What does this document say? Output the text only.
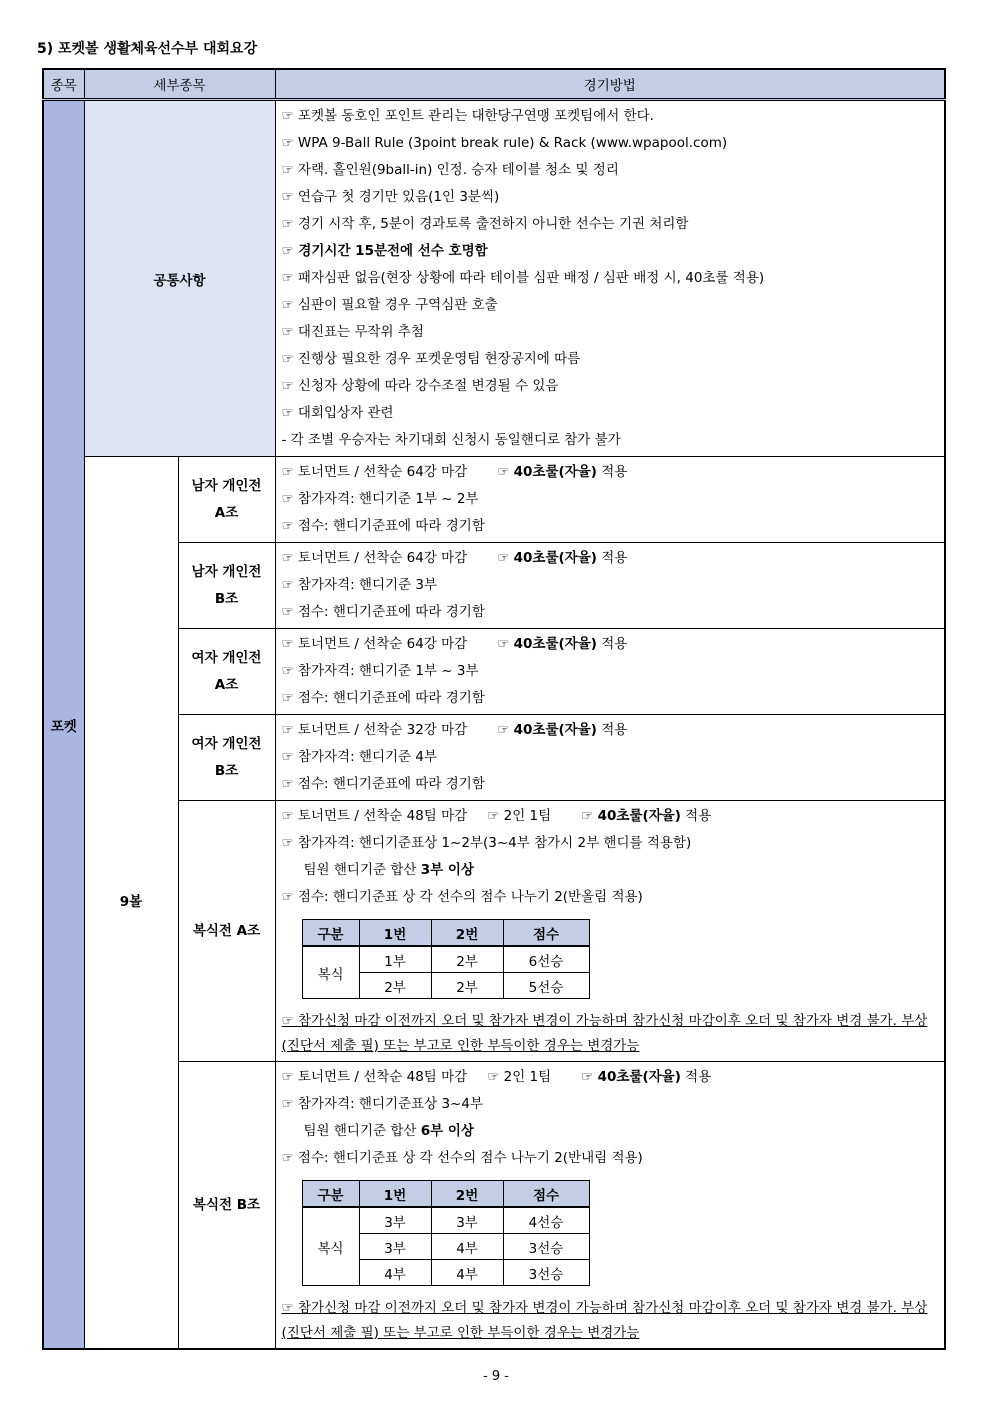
5) 포켓볼 생활체육선수부 대회요강
종목	세부종목	경기방법
포켓	공통사항	
☞ 포켓볼 동호인 포인트 관리는 대한당구연맹 포켓팀에서 한다.
☞ WPA 9-Ball Rule (3point break rule) & Rack (www.wpapool.com)
☞ 자랙. 홀인원(9ball-in) 인정. 승자 테이블 청소 및 정리
☞ 연습구 첫 경기만 있음(1인 3분씩)
☞ 경기 시작 후, 5분이 경과토록 출전하지 아니한 선수는 기권 처리함
☞ 경기시간 15분전에 선수 호명함
☞ 패자심판 없음(현장 상황에 따라 테이블 심판 배정 / 심판 배정 시, 40초룰 적용)
☞ 심판이 필요할 경우 구역심판 호출
☞ 대진표는 무작위 추첨
☞ 진행상 필요한 경우 포켓운영팀 현장공지에 따름
☞ 신청자 상황에 따라 강수조절 변경될 수 있음
☞ 대회입상자 관련
- 각 조별 우승자는 차기대회 신청시 동일핸디로 참가 불가

9볼	남자 개인전 A조	
☞ 토너먼트 / 선착순 64강 마감 ☞ 40초룰(자율) 적용
☞ 참가자격: 핸디기준 1부 ~ 2부
☞ 점수: 핸디기준표에 따라 경기함

남자 개인전 B조	
☞ 토너먼트 / 선착순 64강 마감 ☞ 40초룰(자율) 적용
☞ 참가자격: 핸디기준 3부
☞ 점수: 핸디기준표에 따라 경기함

여자 개인전 A조	
☞ 토너먼트 / 선착순 64강 마감 ☞ 40초룰(자율) 적용
☞ 참가자격: 핸디기준 1부 ~ 3부
☞ 점수: 핸디기준표에 따라 경기함

여자 개인전 B조	
☞ 토너먼트 / 선착순 32강 마감 ☞ 40초룰(자율) 적용
☞ 참가자격: 핸디기준 4부
☞ 점수: 핸디기준표에 따라 경기함

복식전 A조	
☞ 토너먼트 / 선착순 48팀 마감 ☞ 2인 1팀 ☞ 40초룰(자율) 적용
☞ 참가자격: 핸디기준표상 1~2부(3~4부 참가시 2부 핸디를 적용함)
팀원 핸디기준 합산 3부 이상
☞ 점수: 핸디기준표 상 각 선수의 점수 나누기 2(반올림 적용)
구분	1번	2번	점수
복식	1부	2부	6선승
2부	2부	5선승
☞ 참가신청 마감 이전까지 오더 및 참가자 변경이 가능하며 참가신청 마감이후 오더 및 참가자 변경 불가. 부상(진단서 제출 필) 또는 부고로 인한 부득이한 경우는 변경가능

복식전 B조	
☞ 토너먼트 / 선착순 48팀 마감 ☞ 2인 1팀 ☞ 40초룰(자율) 적용
☞ 참가자격: 핸디기준표상 3~4부
팀원 핸디기준 합산 6부 이상
☞ 점수: 핸디기준표 상 각 선수의 점수 나누기 2(반내림 적용)
구분	1번	2번	점수
복식	3부	3부	4선승
3부	4부	3선승
4부	4부	3선승
☞ 참가신청 마감 이전까지 오더 및 참가자 변경이 가능하며 참가신청 마감이후 오더 및 참가자 변경 불가. 부상(진단서 제출 필) 또는 부고로 인한 부득이한 경우는 변경가능
- 9 -
